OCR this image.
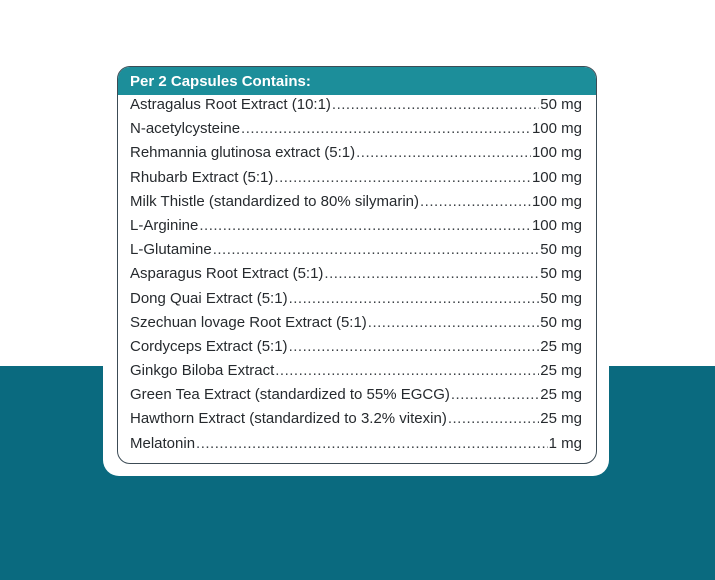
Per 2 Capsules Contains:
Astragalus Root Extract (10:1) .....	50 mg
N-acetylcysteine .....	100 mg
Rehmannia glutinosa extract (5:1) .....	100 mg
Rhubarb Extract (5:1) .....	100 mg
Milk Thistle (standardized to 80% silymarin) .....	100 mg
L-Arginine .....	100 mg
L-Glutamine .....	50 mg
Asparagus Root Extract (5:1) .....	50 mg
Dong Quai Extract (5:1) .....	50 mg
Szechuan lovage Root Extract (5:1) .....	50 mg
Cordyceps Extract (5:1) .....	25 mg
Ginkgo Biloba Extract .....	25 mg
Green Tea Extract (standardized to 55% EGCG) .....	25 mg
Hawthorn Extract (standardized to 3.2% vitexin) .....	25 mg
Melatonin .....	1 mg
